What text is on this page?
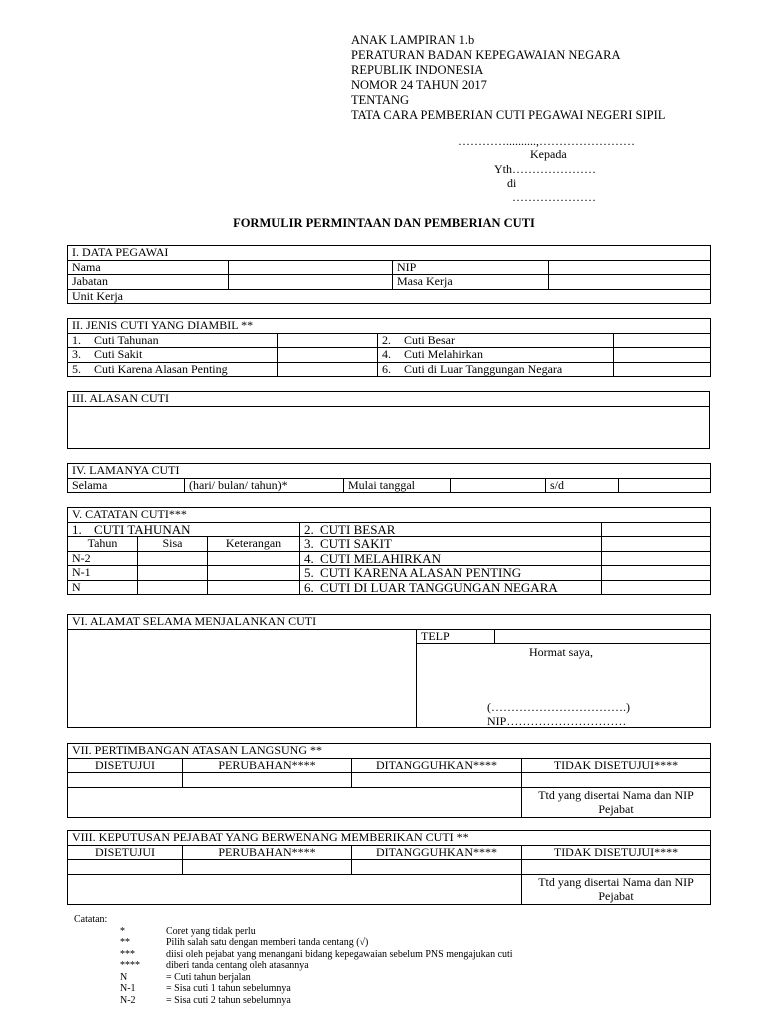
ANAK LAMPIRAN 1.b
PERATURAN BADAN KEPEGAWAIAN NEGARA
REPUBLIK INDONESIA
NOMOR 24 TAHUN 2017
TENTANG
TATA CARA PEMBERIAN CUTI PEGAWAI NEGERI SIPIL
…………..........,……………………
Kepada
Yth…………………
di
…………………
FORMULIR PERMINTAAN DAN PEMBERIAN CUTI
I. DATA PEGAWAI			
Nama		NIP	
Jabatan		Masa Kerja	
Unit Kerja			
II. JENIS CUTI YANG DIAMBIL **			
1. Cuti Tahunan		2. Cuti Besar	
3. Cuti Sakit		4. Cuti Melahirkan	
5. Cuti Karena Alasan Penting		6. Cuti di Luar Tanggungan Negara	
III. ALASAN CUTI

IV. LAMANYA CUTI
Selama	(hari/ bulan/ tahun)*	Mulai tanggal		s/d	
V. CATATAN CUTI***				
1. CUTI TAHUNAN			2. CUTI BESAR	
Tahun	Sisa	Keterangan	3. CUTI SAKIT	
N-2			4. CUTI MELAHIRKAN	
N-1			5. CUTI KARENA ALASAN PENTING	
N			6. CUTI DI LUAR TANGGUNGAN NEGARA	
VI. ALAMAT SELAMA MENJALANKAN CUTI
	TELP	

Hormat saya,
(…………………………….)
NIP…………………………
VII. PERTIMBANGAN ATASAN LANGSUNG **			
DISETUJUI	PERUBAHAN****	DITANGGUHKAN****	TIDAK DISETUJUI****

			Ttd yang disertai Nama dan NIP
Pejabat
VIII. KEPUTUSAN PEJABAT YANG BERWENANG MEMBERIKAN CUTI **			
DISETUJUI	PERUBAHAN****	DITANGGUHKAN****	TIDAK DISETUJUI****

			Ttd yang disertai Nama dan NIP
Pejabat
Catatan:
*	Coret yang tidak perlu
**	Pilih salah satu dengan memberi tanda centang (√)
***	diisi oleh pejabat yang menangani bidang kepegawaian sebelum PNS mengajukan cuti
****	diberi tanda centang oleh atasannya
N	= Cuti tahun berjalan
N-1	= Sisa cuti 1 tahun sebelumnya
N-2	= Sisa cuti 2 tahun sebelumnya
